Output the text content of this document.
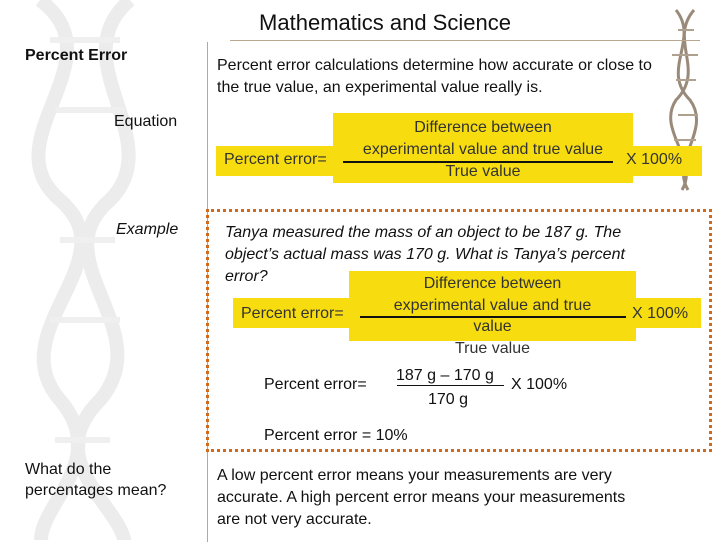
Mathematics and Science
Percent Error
Percent error calculations determine how accurate or close to
the true value, an experimental value really is.
Equation
Percent error=
Difference between
experimental value and true value
True value
X 100%
Example	Tanya measured the mass of an object to be 187 g. The
object’s actual mass was 170 g. What is Tanya’s percent
error?
Percent error=
Difference between
experimental value and true
value
True value
X 100%
Percent error=
187 g – 170 g
170 g
X 100%
Percent error = 10%
What do the
percentages mean?
A low percent error means your measurements are very
accurate. A high percent error means your measurements
are not very accurate.
